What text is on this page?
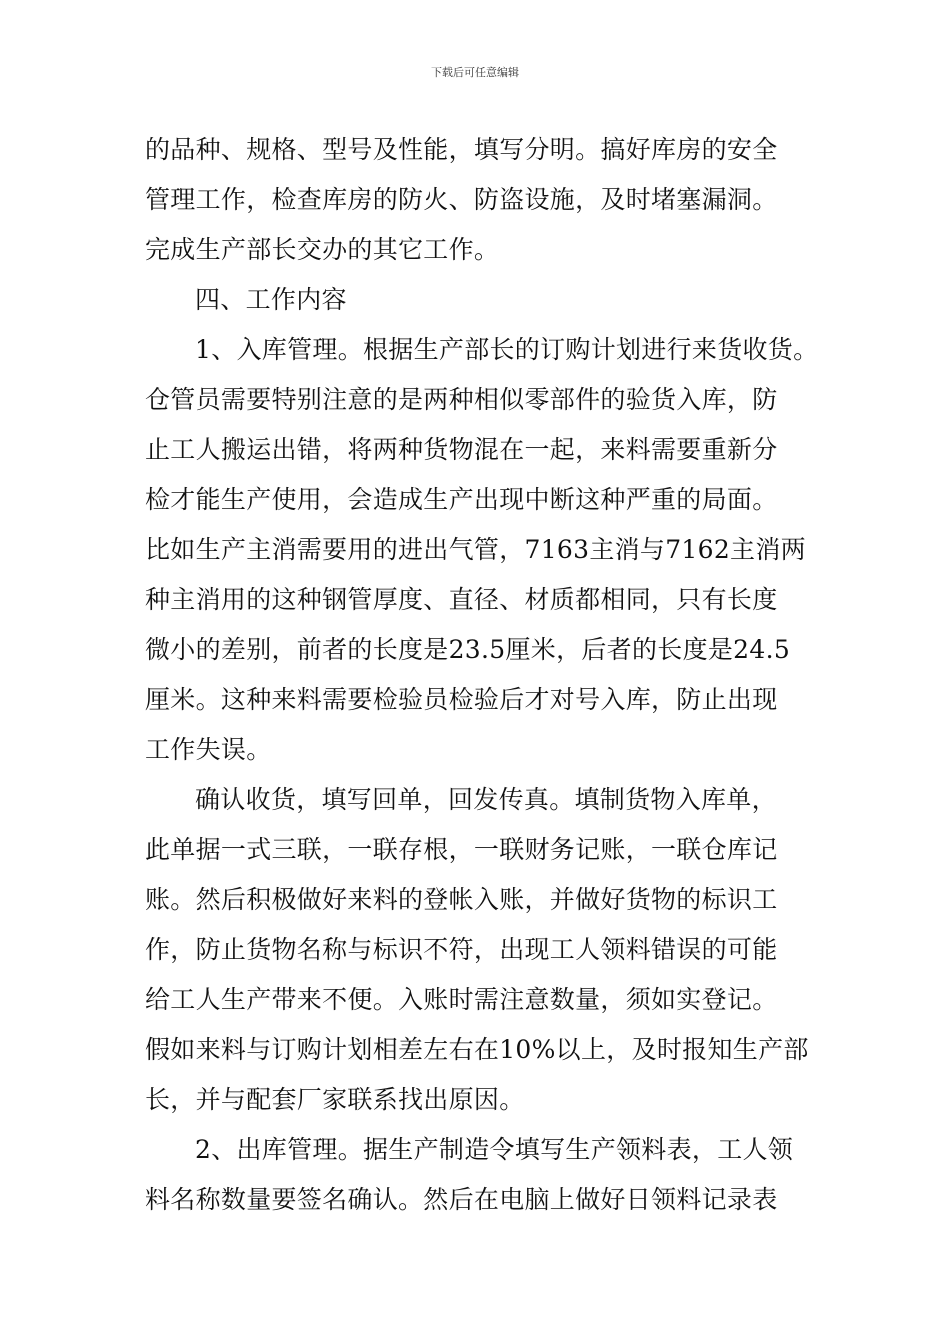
下载后可任意编辑
的品种、规格、型号及性能，填写分明。搞好库房的安全
管理工作，检查库房的防火、防盗设施，及时堵塞漏洞。
完成生产部长交办的其它工作。
四、工作内容
1、入库管理。根据生产部长的订购计划进行来货收货。
仓管员需要特别注意的是两种相似零部件的验货入库，防
止工人搬运出错，将两种货物混在一起，来料需要重新分
检才能生产使用，会造成生产出现中断这种严重的局面。
比如生产主消需要用的进出气管，7163主消与7162主消两
种主消用的这种钢管厚度、直径、材质都相同，只有长度
微小的差别，前者的长度是23.5厘米，后者的长度是24.5
厘米。这种来料需要检验员检验后才对号入库，防止出现
工作失误。
确认收货，填写回单，回发传真。填制货物入库单，
此单据一式三联，一联存根，一联财务记账，一联仓库记
账。然后积极做好来料的登帐入账，并做好货物的标识工
作，防止货物名称与标识不符，出现工人领料错误的可能
给工人生产带来不便。入账时需注意数量，须如实登记。
假如来料与订购计划相差左右在10%以上，及时报知生产部
长，并与配套厂家联系找出原因。
2、出库管理。据生产制造令填写生产领料表，工人领
料名称数量要签名确认。然后在电脑上做好日领料记录表
